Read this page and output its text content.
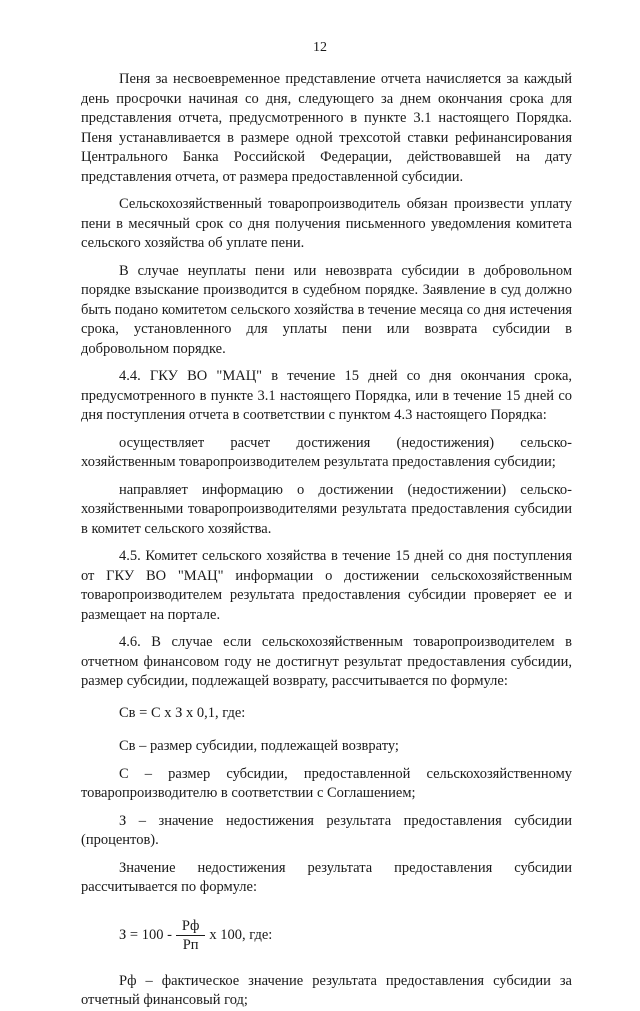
12

Пеня за несвоевременное представление отчета начисляется за каждый день просрочки начиная со дня, следующего за днем окончания срока для представления отчета, предусмотренного в пункте 3.1 настоящего Порядка. Пеня устанавливается в размере одной трехсотой ставки рефинансирования Центрального Банка Российской Федерации, действовавшей на дату представления отчета, от размера предоставленной субсидии.

Сельскохозяйственный товаропроизводитель обязан произвести уплату пени в месячный срок со дня получения письменного уведомления комитета сельского хозяйства об уплате пени.

В случае неуплаты пени или невозврата субсидии в добровольном порядке взыскание производится в судебном порядке. Заявление в суд должно быть подано комитетом сельского хозяйства в течение месяца со дня истечения срока, установленного для уплаты пени или возврата субсидии в добровольном порядке.

4.4. ГКУ ВО "МАЦ" в течение 15 дней со дня окончания срока, предусмотренного в пункте 3.1 настоящего Порядка, или в течение 15 дней со дня поступления отчета в соответствии с пунктом 4.3 настоящего Порядка:

осуществляет расчет достижения (недостижения) сельско-хозяйственным товаропроизводителем результата предоставления субсидии;

направляет информацию о достижении (недостижении) сельско-хозяйственными товаропроизводителями результата предоставления субсидии в комитет сельского хозяйства.

4.5. Комитет сельского хозяйства в течение 15 дней со дня поступления от ГКУ ВО "МАЦ" информации о достижении сельскохозяйственным товаропроизводителем результата предоставления субсидии проверяет ее и размещает на портале.

4.6. В случае если сельскохозяйственным товаропроизводителем в отчетном финансовом году не достигнут результат предоставления субсидии, размер субсидии, подлежащей возврату, рассчитывается по формуле:

Св = С х З х 0,1, где:

Св – размер субсидии, подлежащей возврату;

С – размер субсидии, предоставленной сельскохозяйственному товаропроизводителю в соответствии с Соглашением;

З – значение недостижения результата предоставления субсидии (процентов).

Значение недостижения результата предоставления субсидии рассчитывается по формуле:

$З = 100 - \frac{Рф}{Рп}$ х 100, где:

Рф – фактическое значение результата предоставления субсидии за отчетный финансовый год;
